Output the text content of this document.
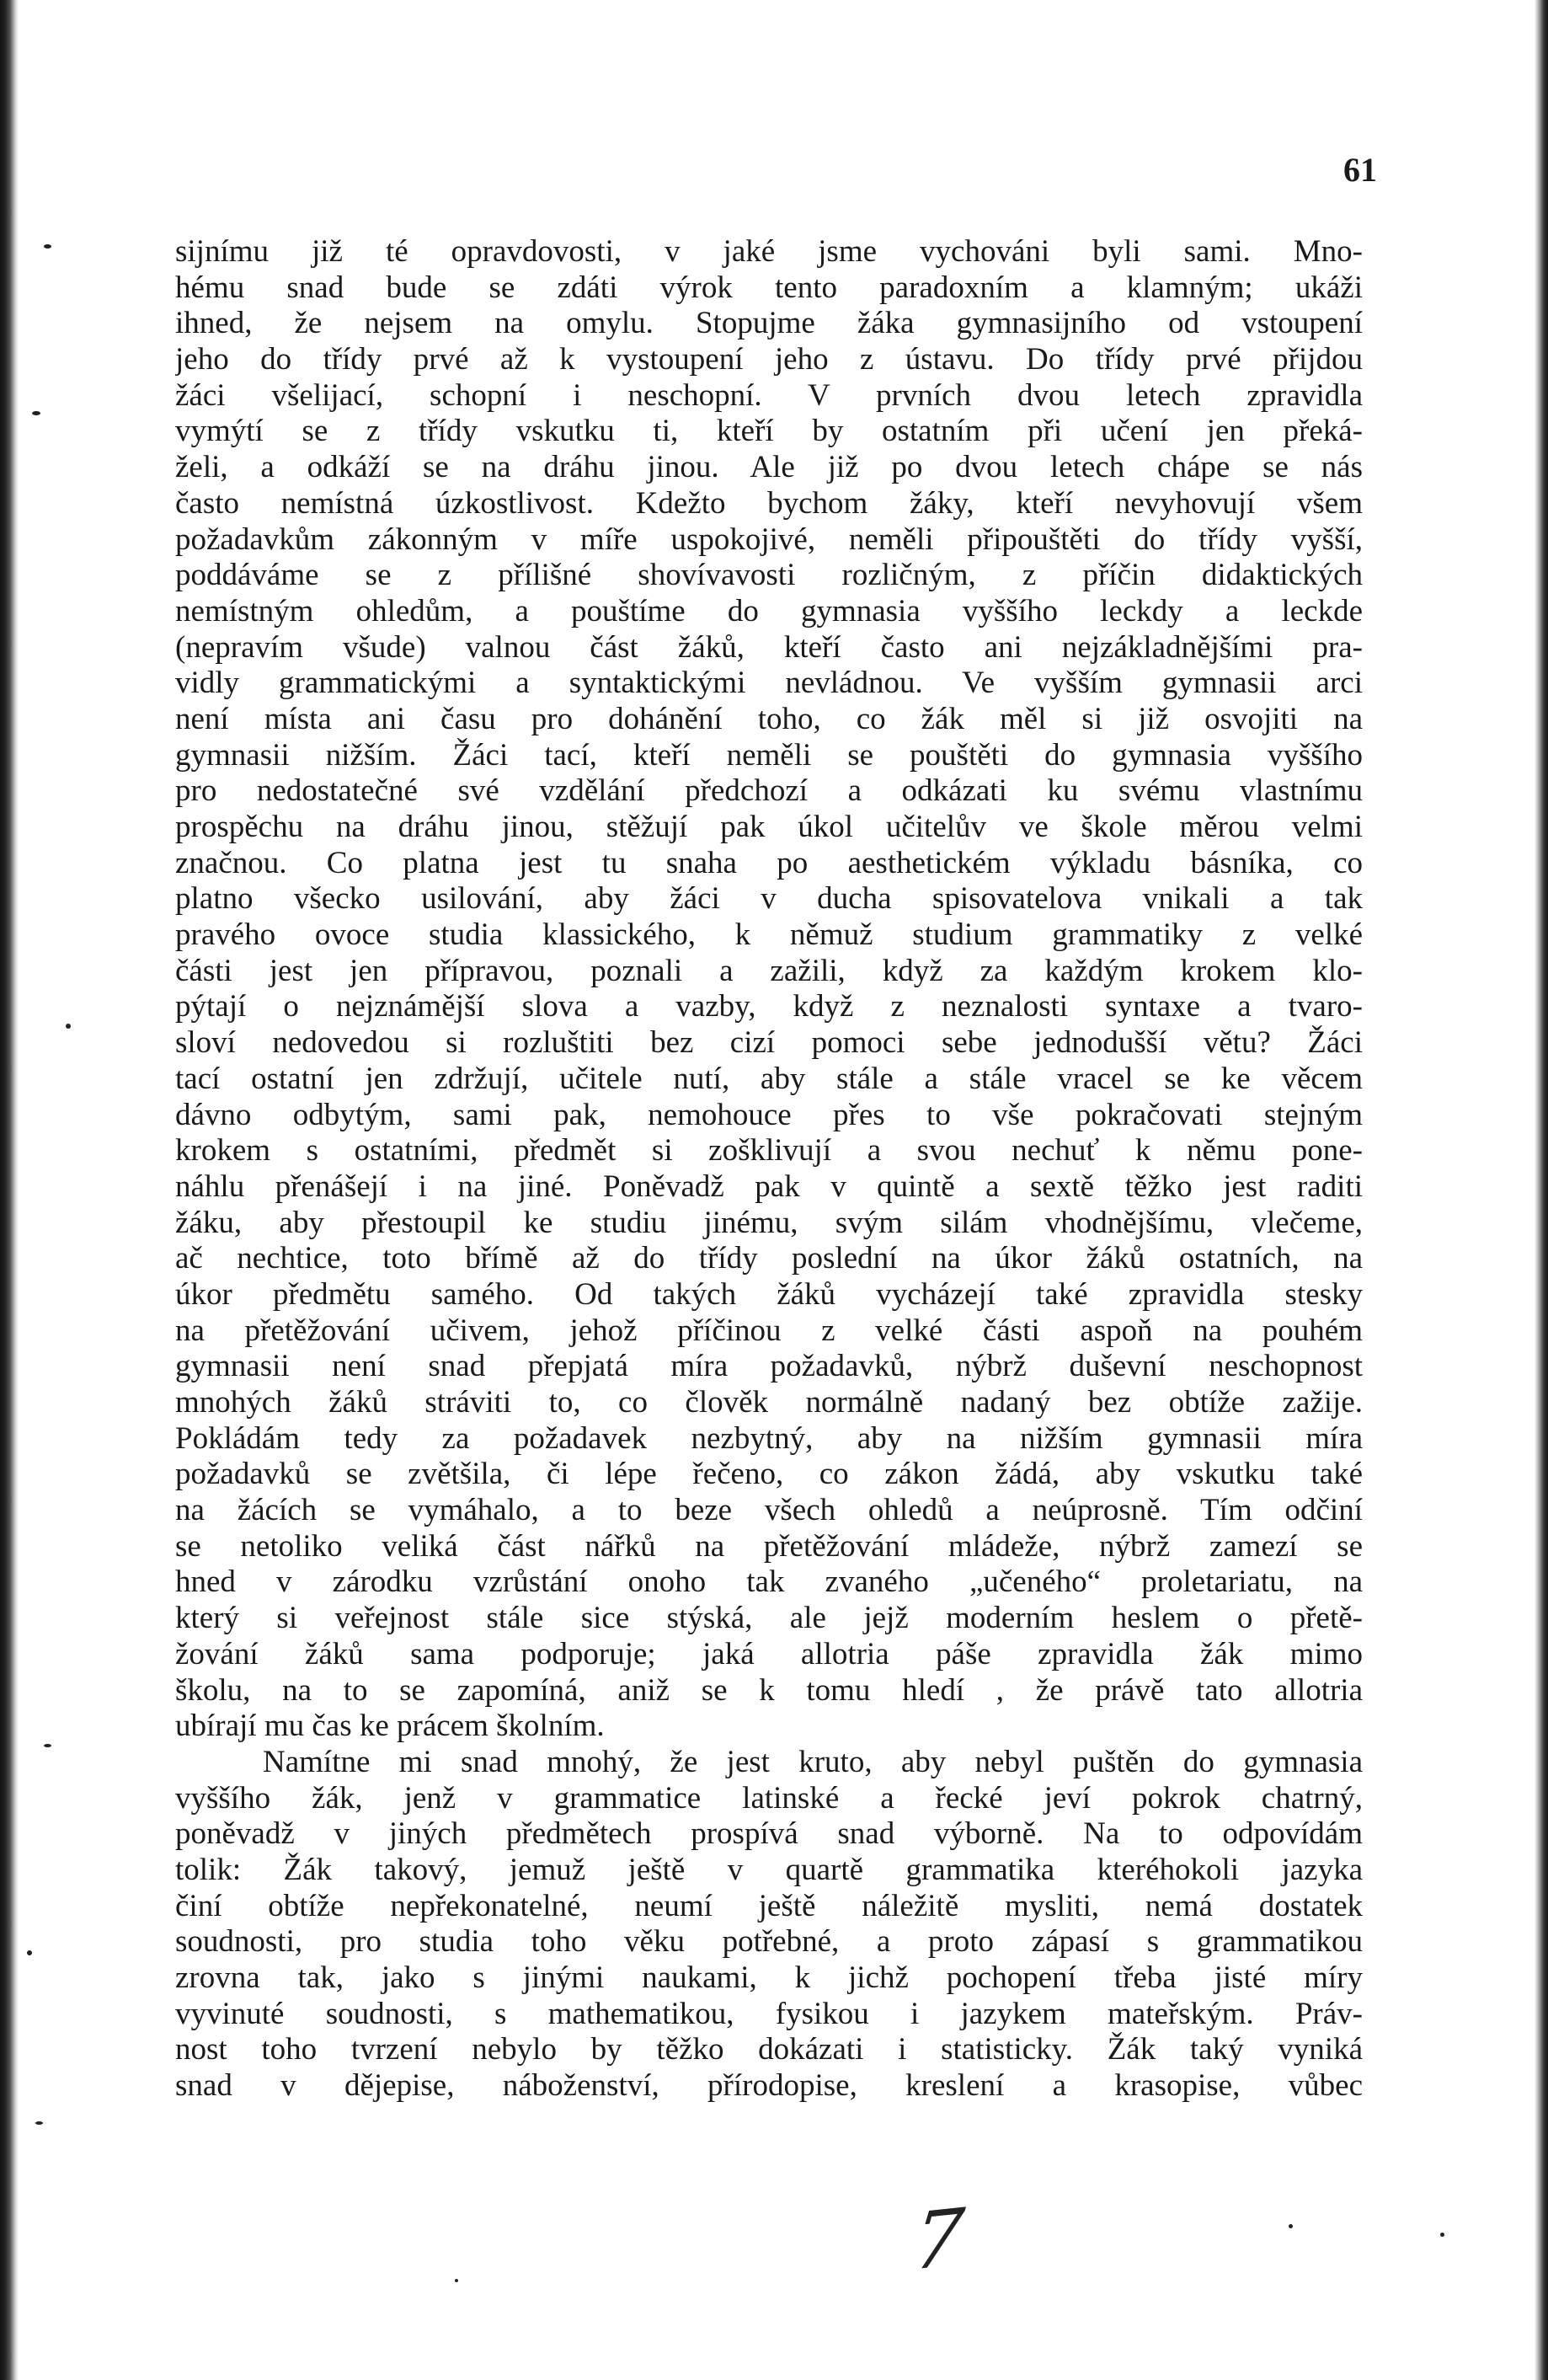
61
sijnímu již té opravdovosti, v jaké jsme vychováni byli sami. Mno-
hému snad bude se zdáti výrok tento paradoxním a klamným; ukáži
ihned, že nejsem na omylu. Stopujme žáka gymnasijního od vstoupení
jeho do třídy prvé až k vystoupení jeho z ústavu. Do třídy prvé přijdou
žáci všelijací, schopní i neschopní. V prvních dvou letech zpravidla
vymýtí se z třídy vskutku ti, kteří by ostatním při učení jen překá-
želi, a odkáží se na dráhu jinou. Ale již po dvou letech chápe se nás
často nemístná úzkostlivost. Kdežto bychom žáky, kteří nevyhovují všem
požadavkům zákonným v míře uspokojivé, neměli připouštěti do třídy vyšší,
poddáváme se z přílišné shovívavosti rozličným, z příčin didaktických
nemístným ohledům, a pouštíme do gymnasia vyššího leckdy a leckde
(nepravím všude) valnou část žáků, kteří často ani nejzákladnějšími pra-
vidly grammatickými a syntaktickými nevládnou. Ve vyšším gymnasii arci
není místa ani času pro dohánění toho, co žák měl si již osvojiti na
gymnasii nižším. Žáci tací, kteří neměli se pouštěti do gymnasia vyššího
pro nedostatečné své vzdělání předchozí a odkázati ku svému vlastnímu
prospěchu na dráhu jinou, stěžují pak úkol učitelův ve škole měrou velmi
značnou. Co platna jest tu snaha po aesthetickém výkladu básníka, co
platno všecko usilování, aby žáci v ducha spisovatelova vnikali a tak
pravého ovoce studia klassického, k němuž studium grammatiky z velké
části jest jen přípravou, poznali a zažili, když za každým krokem klo-
pýtají o nejznámější slova a vazby, když z neznalosti syntaxe a tvaro-
sloví nedovedou si rozluštiti bez cizí pomoci sebe jednodušší větu? Žáci
tací ostatní jen zdržují, učitele nutí, aby stále a stále vracel se ke věcem
dávno odbytým, sami pak, nemohouce přes to vše pokračovati stejným
krokem s ostatními, předmět si zošklivují a svou nechuť k němu pone-
náhlu přenášejí i na jiné. Poněvadž pak v quintě a sextě těžko jest raditi
žáku, aby přestoupil ke studiu jinému, svým silám vhodnějšímu, vlečeme,
ač nechtice, toto břímě až do třídy poslední na úkor žáků ostatních, na
úkor předmětu samého. Od takých žáků vycházejí také zpravidla stesky
na přetěžování učivem, jehož příčinou z velké části aspoň na pouhém
gymnasii není snad přepjatá míra požadavků, nýbrž duševní neschopnost
mnohých žáků stráviti to, co člověk normálně nadaný bez obtíže zažije.
Pokládám tedy za požadavek nezbytný, aby na nižším gymnasii míra
požadavků se zvětšila, či lépe řečeno, co zákon žádá, aby vskutku také
na žácích se vymáhalo, a to beze všech ohledů a neúprosně. Tím odčiní
se netoliko veliká část nářků na přetěžování mládeže, nýbrž zamezí se
hned v zárodku vzrůstání onoho tak zvaného „učeného“ proletariatu, na
který si veřejnost stále sice stýská, ale jejž moderním heslem o přetě-
žování žáků sama podporuje; jaká allotria páše zpravidla žák mimo
školu, na to se zapomíná, aniž se k tomu hledí , že právě tato allotria
ubírají mu čas ke prácem školním.
Namítne mi snad mnohý, že jest kruto, aby nebyl puštěn do gymnasia
vyššího žák, jenž v grammatice latinské a řecké jeví pokrok chatrný,
poněvadž v jiných předmětech prospívá snad výborně. Na to odpovídám
tolik: Žák takový, jemuž ještě v quartě grammatika kteréhokoli jazyka
činí obtíže nepřekonatelné, neumí ještě náležitě mysliti, nemá dostatek
soudnosti, pro studia toho věku potřebné, a proto zápasí s grammatikou
zrovna tak, jako s jinými naukami, k jichž pochopení třeba jisté míry
vyvinuté soudnosti, s mathematikou, fysikou i jazykem mateřským. Práv-
nost toho tvrzení nebylo by těžko dokázati i statisticky. Žák taký vyniká
snad v dějepise, náboženství, přírodopise, kreslení a krasopise, vůbec
7
